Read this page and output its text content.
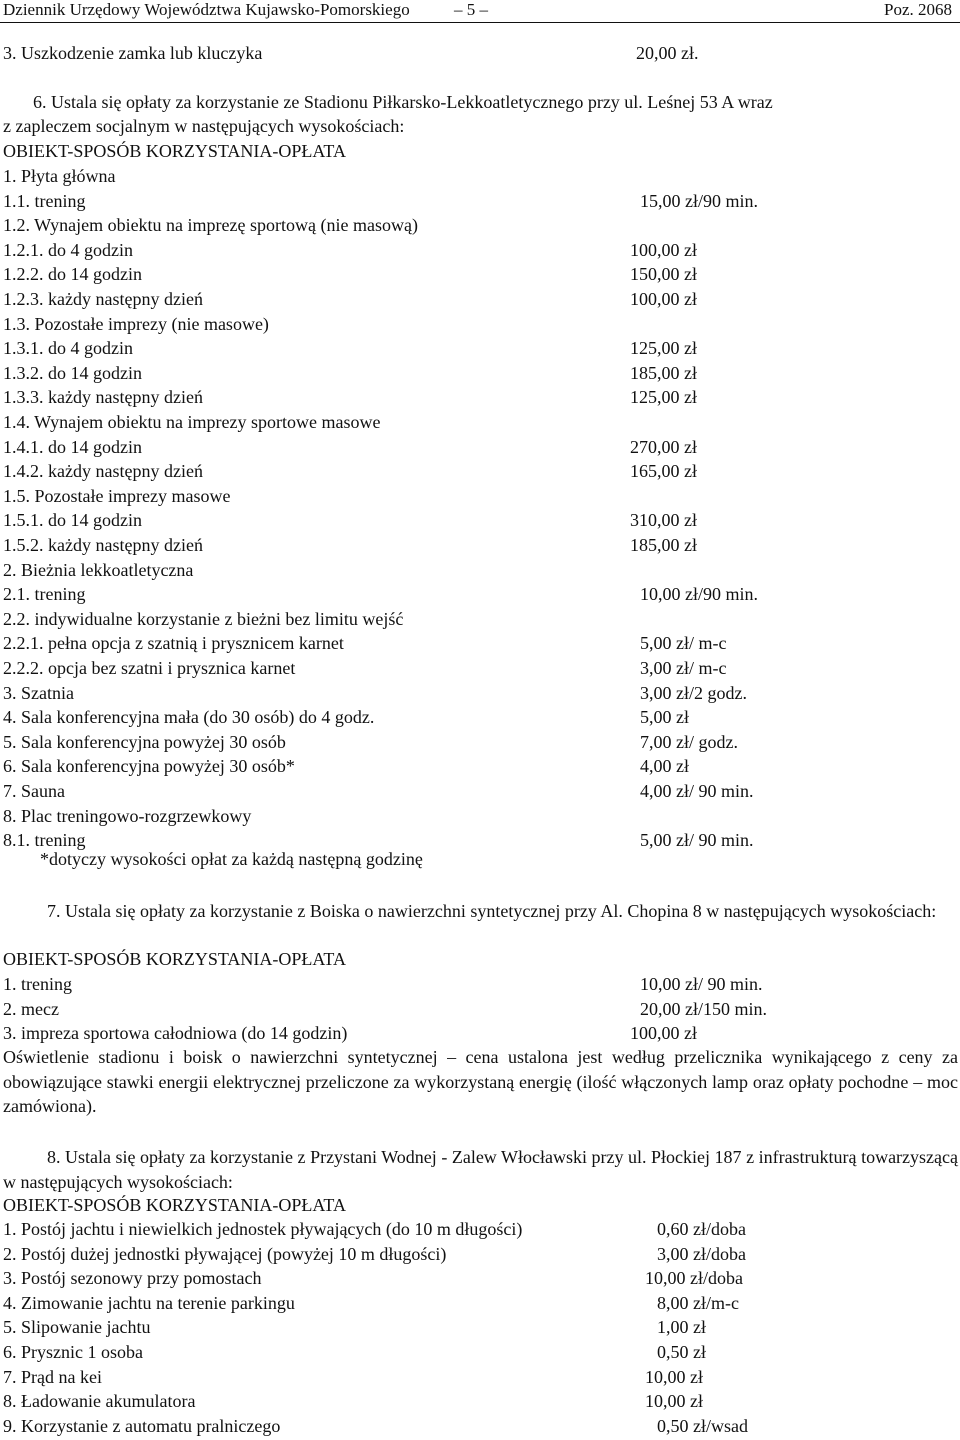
Dziennik Urzędowy Województwa Kujawsko-Pomorskiego	– 5 –	Poz. 2068
3. Uszkodzenie zamka lub kluczyka	20,00 zł.
6. Ustala się opłaty za korzystanie ze Stadionu Piłkarsko-Lekkoatletycznego przy ul. Leśnej 53 A wraz
z zapleczem socjalnym w następujących wysokościach:
OBIEKT-SPOSÓB KORZYSTANIA-OPŁATA
1. Płyta główna
1.1. trening	15,00 zł/90 min.
1.2. Wynajem obiektu na imprezę sportową (nie masową)
1.2.1. do 4 godzin	100,00 zł
1.2.2. do 14 godzin	150,00 zł
1.2.3. każdy następny dzień	100,00 zł
1.3. Pozostałe imprezy (nie masowe)
1.3.1. do 4 godzin	125,00 zł
1.3.2. do 14 godzin	185,00 zł
1.3.3. każdy następny dzień	125,00 zł
1.4. Wynajem obiektu na imprezy sportowe masowe
1.4.1. do 14 godzin	270,00 zł
1.4.2. każdy następny dzień	165,00 zł
1.5. Pozostałe imprezy masowe
1.5.1. do 14 godzin	310,00 zł
1.5.2. każdy następny dzień	185,00 zł
2. Bieżnia lekkoatletyczna
2.1. trening	10,00 zł/90 min.
2.2. indywidualne korzystanie z bieżni bez limitu wejść
2.2.1. pełna opcja z szatnią i prysznicem karnet	5,00 zł/ m-c
2.2.2. opcja bez szatni i prysznica karnet	3,00 zł/ m-c
3. Szatnia	3,00 zł/2 godz.
4. Sala konferencyjna mała (do 30 osób) do 4 godz.	5,00 zł
5. Sala konferencyjna powyżej 30 osób	7,00 zł/ godz.
6. Sala konferencyjna powyżej 30 osób*	4,00 zł
7. Sauna	4,00 zł/ 90 min.
8. Plac treningowo-rozgrzewkowy
8.1. trening	5,00 zł/ 90 min.
*dotyczy wysokości opłat za każdą następną godzinę
7. Ustala się opłaty za korzystanie z Boiska o nawierzchni syntetycznej przy Al. Chopina 8 w następujących wysokościach:
OBIEKT-SPOSÓB KORZYSTANIA-OPŁATA
1. trening	10,00 zł/ 90 min.
2. mecz	20,00 zł/150 min.
3. impreza sportowa całodniowa (do 14 godzin)	100,00 zł
Oświetlenie stadionu i boisk o nawierzchni syntetycznej – cena ustalona jest według przelicznika wynikającego z ceny za obowiązujące stawki energii elektrycznej przeliczone za wykorzystaną energię (ilość włączonych lamp oraz opłaty pochodne – moc zamówiona).
8. Ustala się opłaty za korzystanie z Przystani Wodnej - Zalew Włocławski przy ul. Płockiej 187 z infrastrukturą towarzyszącą w następujących wysokościach:
OBIEKT-SPOSÓB KORZYSTANIA-OPŁATA
1. Postój jachtu i niewielkich jednostek pływających (do 10 m długości)	0,60 zł/doba
2. Postój dużej jednostki pływającej (powyżej 10 m długości)	3,00 zł/doba
3. Postój sezonowy przy pomostach	10,00 zł/doba
4. Zimowanie jachtu na terenie parkingu	8,00 zł/m-c
5. Slipowanie jachtu	1,00 zł
6. Prysznic 1 osoba	0,50 zł
7. Prąd na kei	10,00 zł
8. Ładowanie akumulatora	10,00 zł
9. Korzystanie z automatu pralniczego	0,50 zł/wsad
